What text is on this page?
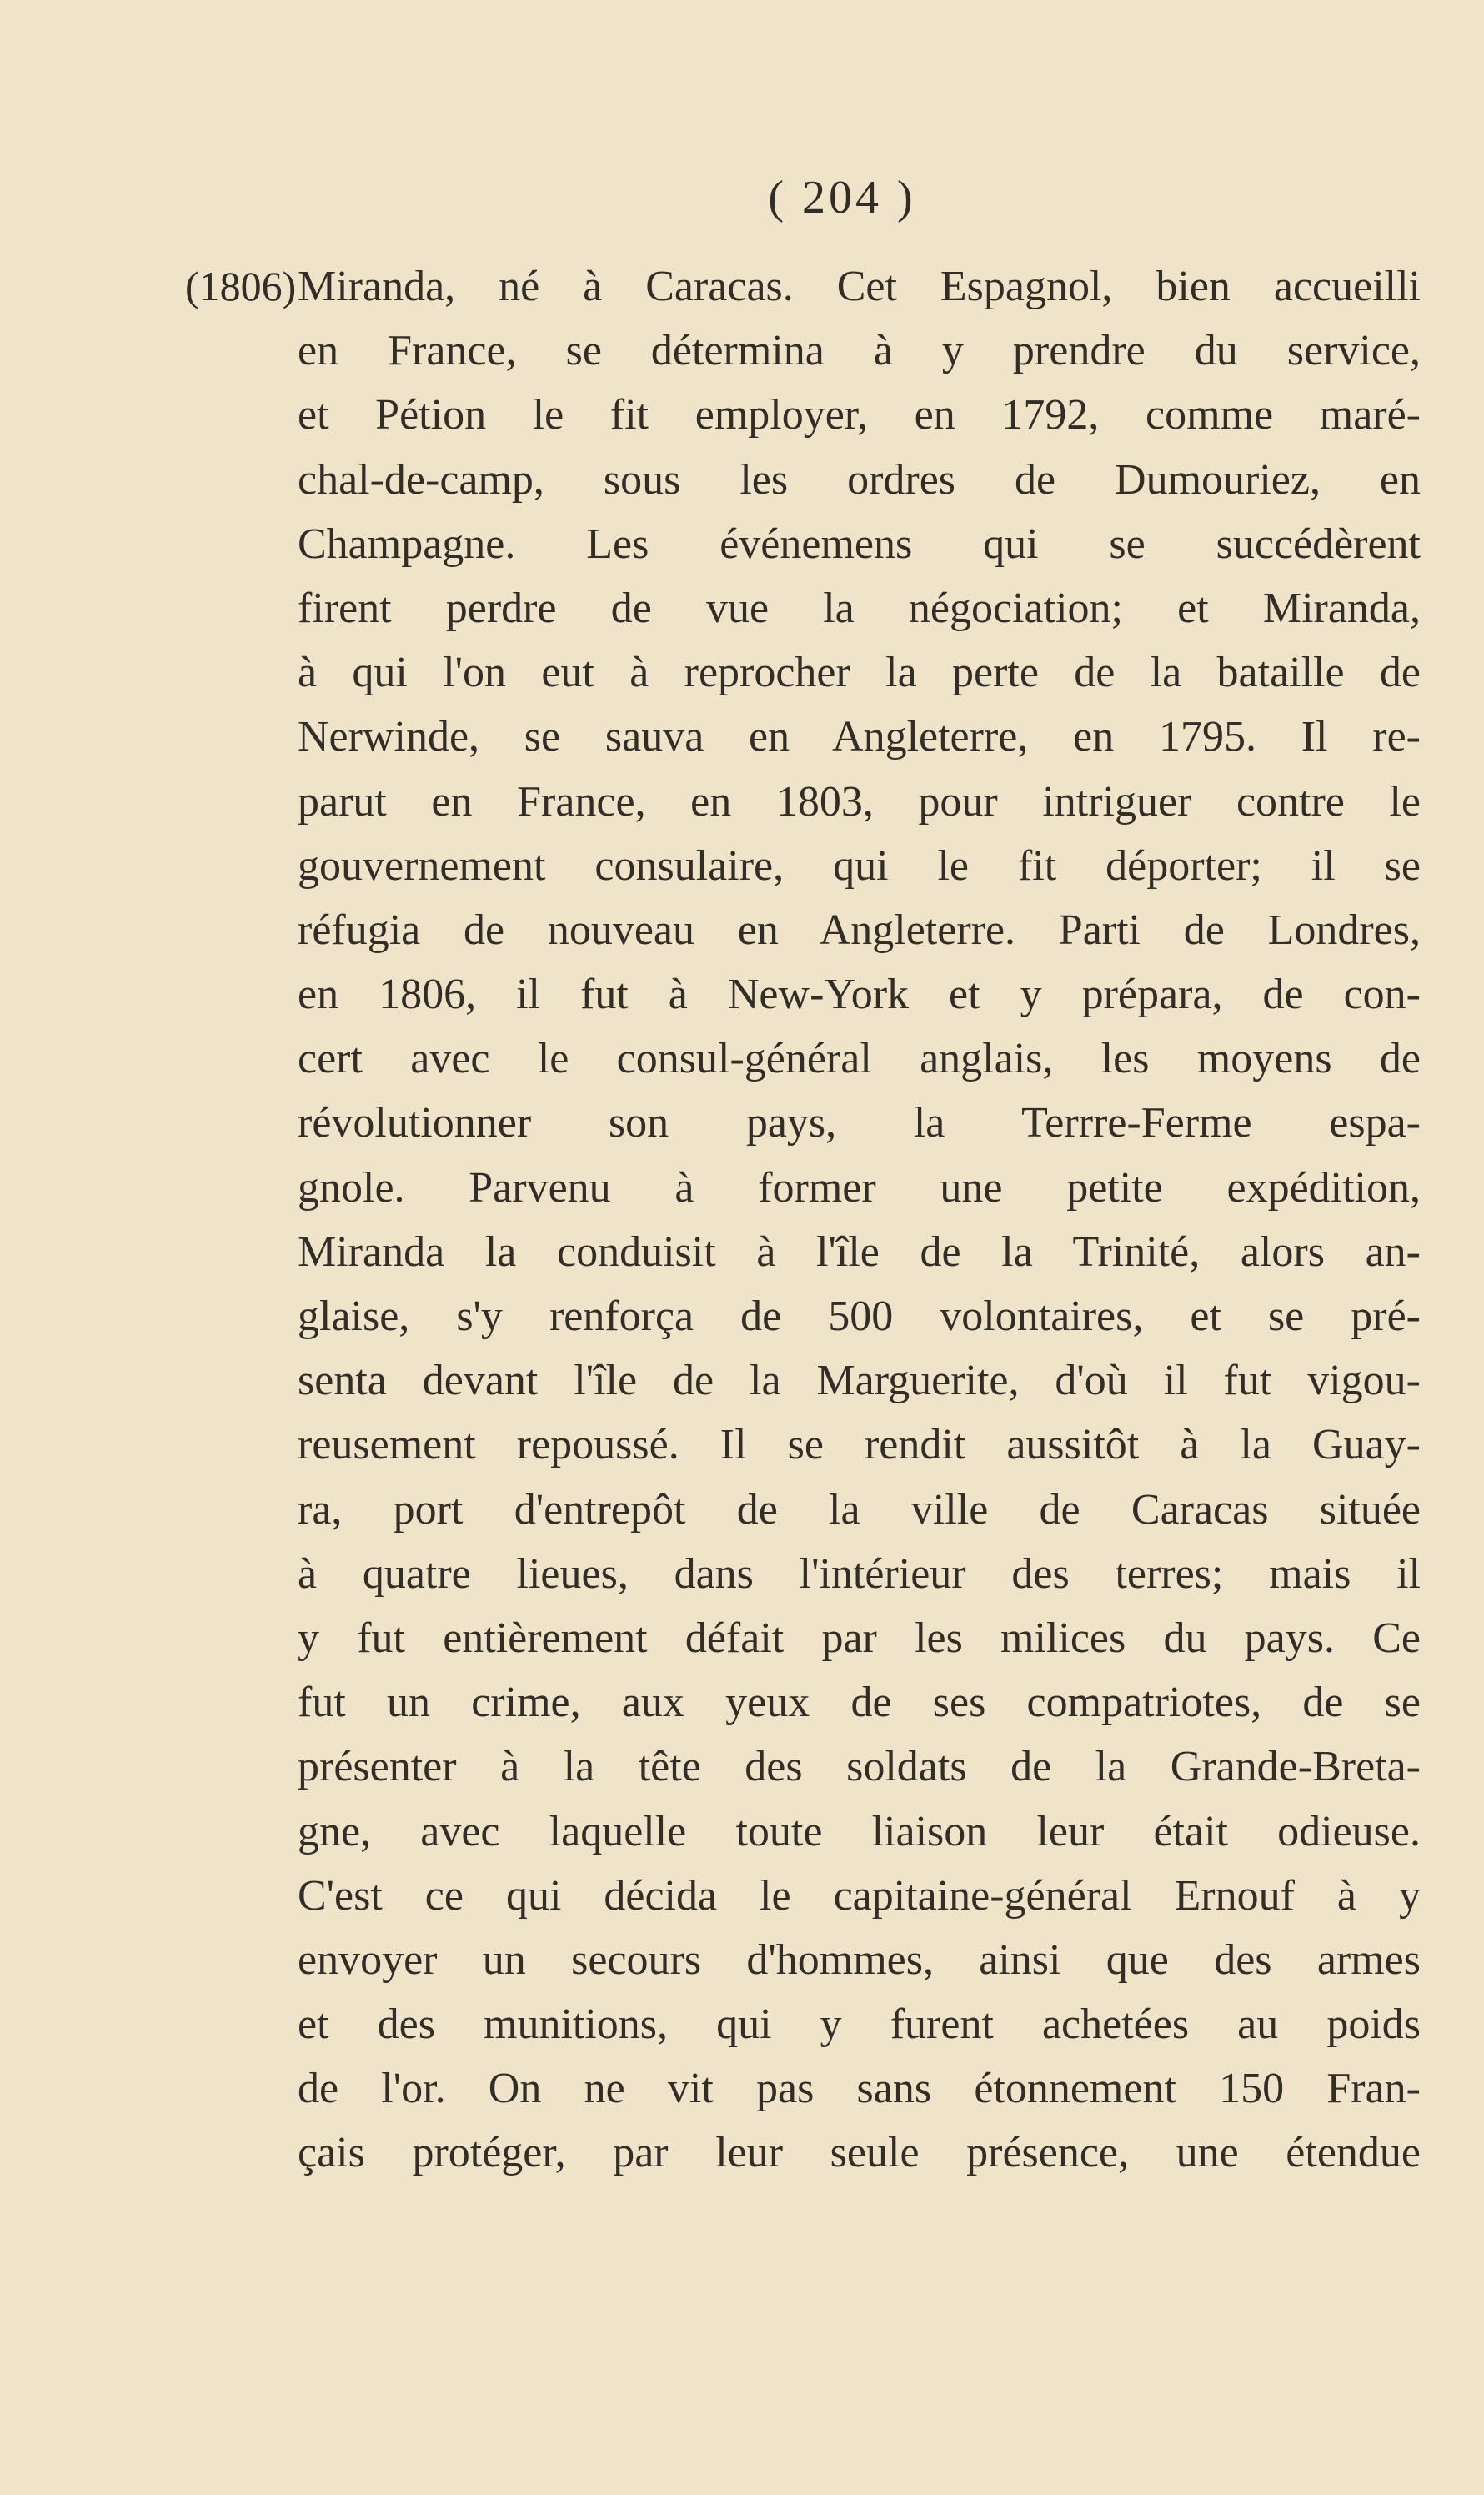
( 204 )
(1806) Miranda, né à Caracas. Cet Espagnol, bien accueilli
en France, se détermina à y prendre du service,
et Pétion le fit employer, en 1792, comme maré-
chal-de-camp, sous les ordres de Dumouriez, en
Champagne. Les événemens qui se succédèrent
firent perdre de vue la négociation; et Miranda,
à qui l'on eut à reprocher la perte de la bataille de
Nerwinde, se sauva en Angleterre, en 1795. Il re-
parut en France, en 1803, pour intriguer contre le
gouvernement consulaire, qui le fit déporter; il se
réfugia de nouveau en Angleterre. Parti de Londres,
en 1806, il fut à New-York et y prépara, de con-
cert avec le consul-général anglais, les moyens de
révolutionner son pays, la Terrre-Ferme espa-
gnole. Parvenu à former une petite expédition,
Miranda la conduisit à l'île de la Trinité, alors an-
glaise, s'y renforça de 500 volontaires, et se pré-
senta devant l'île de la Marguerite, d'où il fut vigou-
reusement repoussé. Il se rendit aussitôt à la Guay-
ra, port d'entrepôt de la ville de Caracas située
à quatre lieues, dans l'intérieur des terres; mais il
y fut entièrement défait par les milices du pays. Ce
fut un crime, aux yeux de ses compatriotes, de se
présenter à la tête des soldats de la Grande-Breta-
gne, avec laquelle toute liaison leur était odieuse.
C'est ce qui décida le capitaine-général Ernouf à y
envoyer un secours d'hommes, ainsi que des armes
et des munitions, qui y furent achetées au poids
de l'or. On ne vit pas sans étonnement 150 Fran-
çais protéger, par leur seule présence, une étendue
